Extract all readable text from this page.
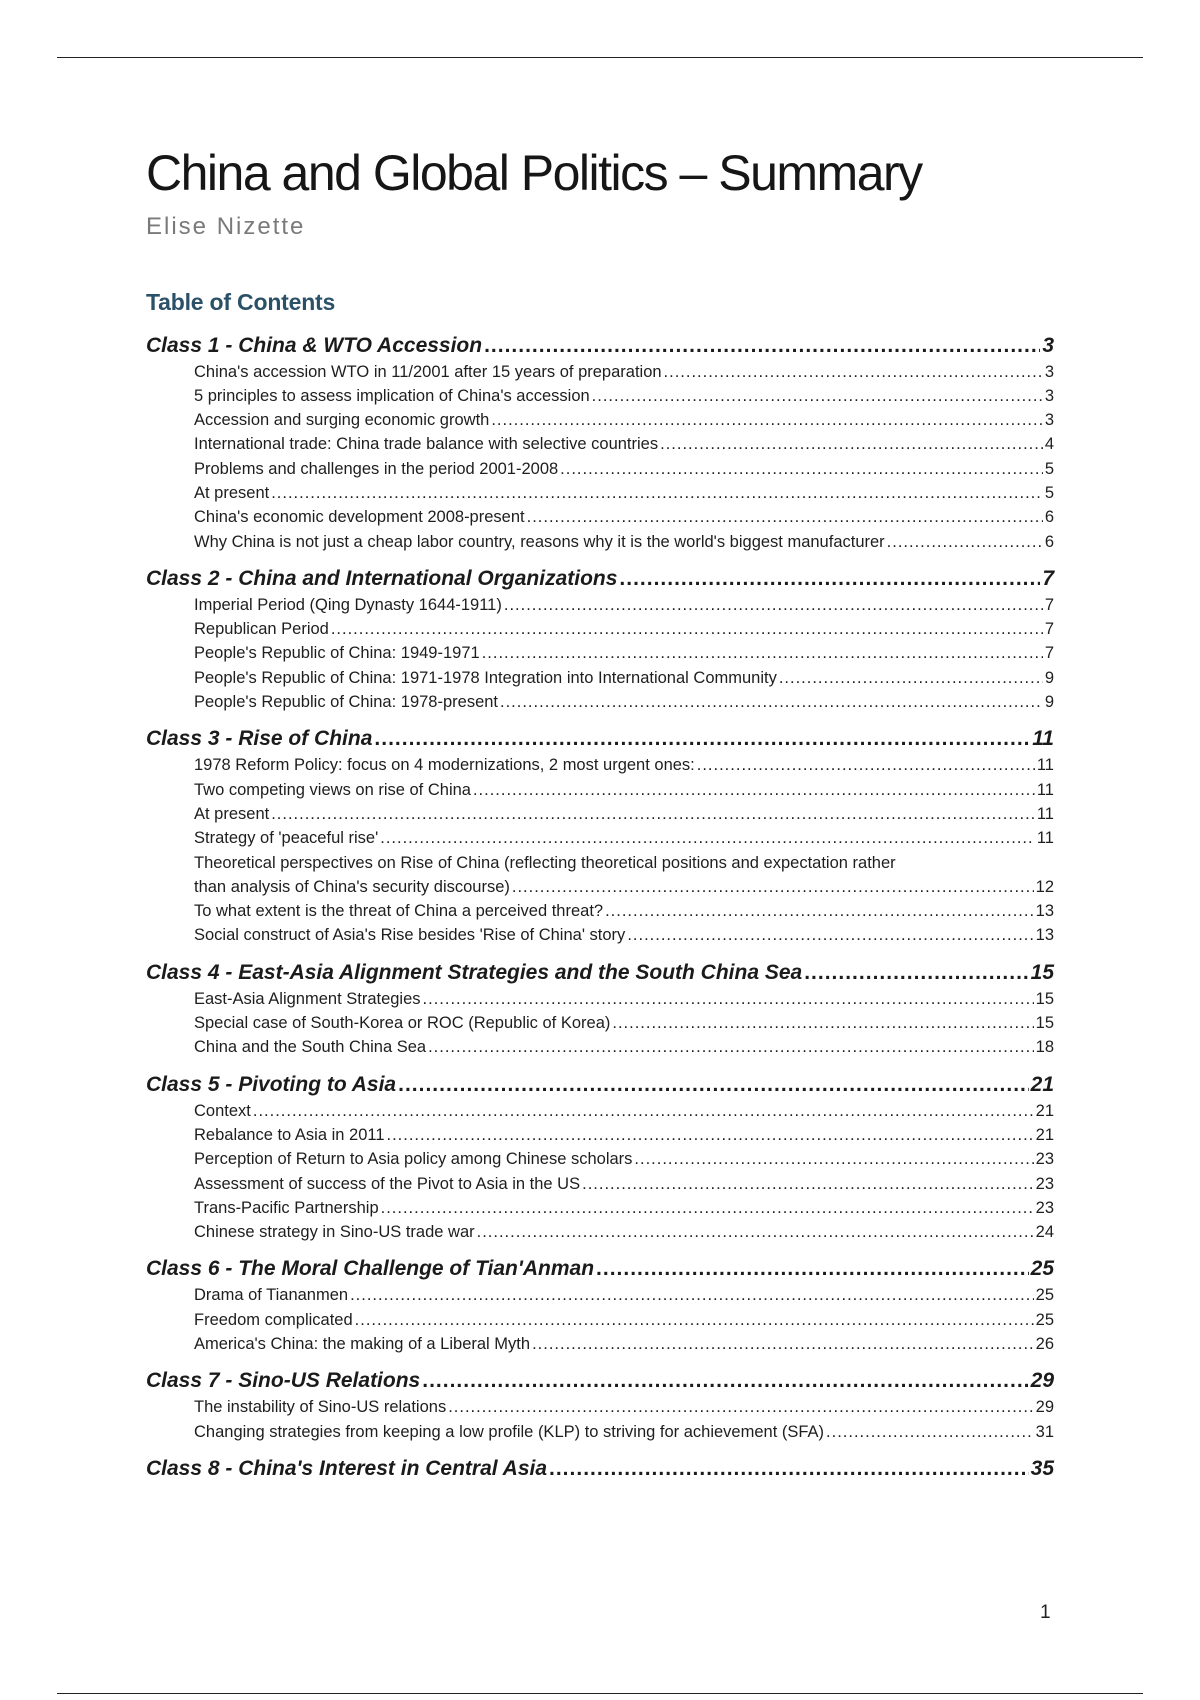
China and Global Politics – Summary
Elise Nizette
Table of Contents
Class 1 - China & WTO Accession .....	3
China's accession WTO in 11/2001 after 15 years of preparation .....	3
5 principles to assess implication of China's accession .....	3
Accession and surging economic growth .....	3
International trade: China trade balance with selective countries .....	4
Problems and challenges in the period 2001-2008 .....	5
At present .....	5
China's economic development 2008-present .....	6
Why China is not just a cheap labor country, reasons why it is the world's biggest manufacturer .....	6
Class 2 - China and International Organizations .....	7
Imperial Period (Qing Dynasty 1644-1911) .....	7
Republican Period .....	7
People's Republic of China: 1949-1971 .....	7
People's Republic of China: 1971-1978 Integration into International Community .....	9
People's Republic of China: 1978-present .....	9
Class 3 - Rise of China .....	11
1978 Reform Policy: focus on 4 modernizations, 2 most urgent ones: .....	11
Two competing views on rise of China .....	11
At present .....	11
Strategy of 'peaceful rise' .....	11
Theoretical perspectives on Rise of China (reflecting theoretical positions and expectation rather
than analysis of China's security discourse) .....	12
To what extent is the threat of China a perceived threat? .....	13
Social construct of Asia's Rise besides 'Rise of China' story .....	13
Class 4 - East-Asia Alignment Strategies and the South China Sea .....	15
East-Asia Alignment Strategies .....	15
Special case of South-Korea or ROC (Republic of Korea) .....	15
China and the South China Sea .....	18
Class 5 - Pivoting to Asia .....	21
Context .....	21
Rebalance to Asia in 2011 .....	21
Perception of Return to Asia policy among Chinese scholars .....	23
Assessment of success of the Pivot to Asia in the US .....	23
Trans-Pacific Partnership .....	23
Chinese strategy in Sino-US trade war .....	24
Class 6 - The Moral Challenge of Tian'Anman .....	25
Drama of Tiananmen .....	25
Freedom complicated .....	25
America's China: the making of a Liberal Myth .....	26
Class 7 - Sino-US Relations .....	29
The instability of Sino-US relations .....	29
Changing strategies from keeping a low profile (KLP) to striving for achievement (SFA) .....	31
Class 8 - China's Interest in Central Asia .....	35
1
